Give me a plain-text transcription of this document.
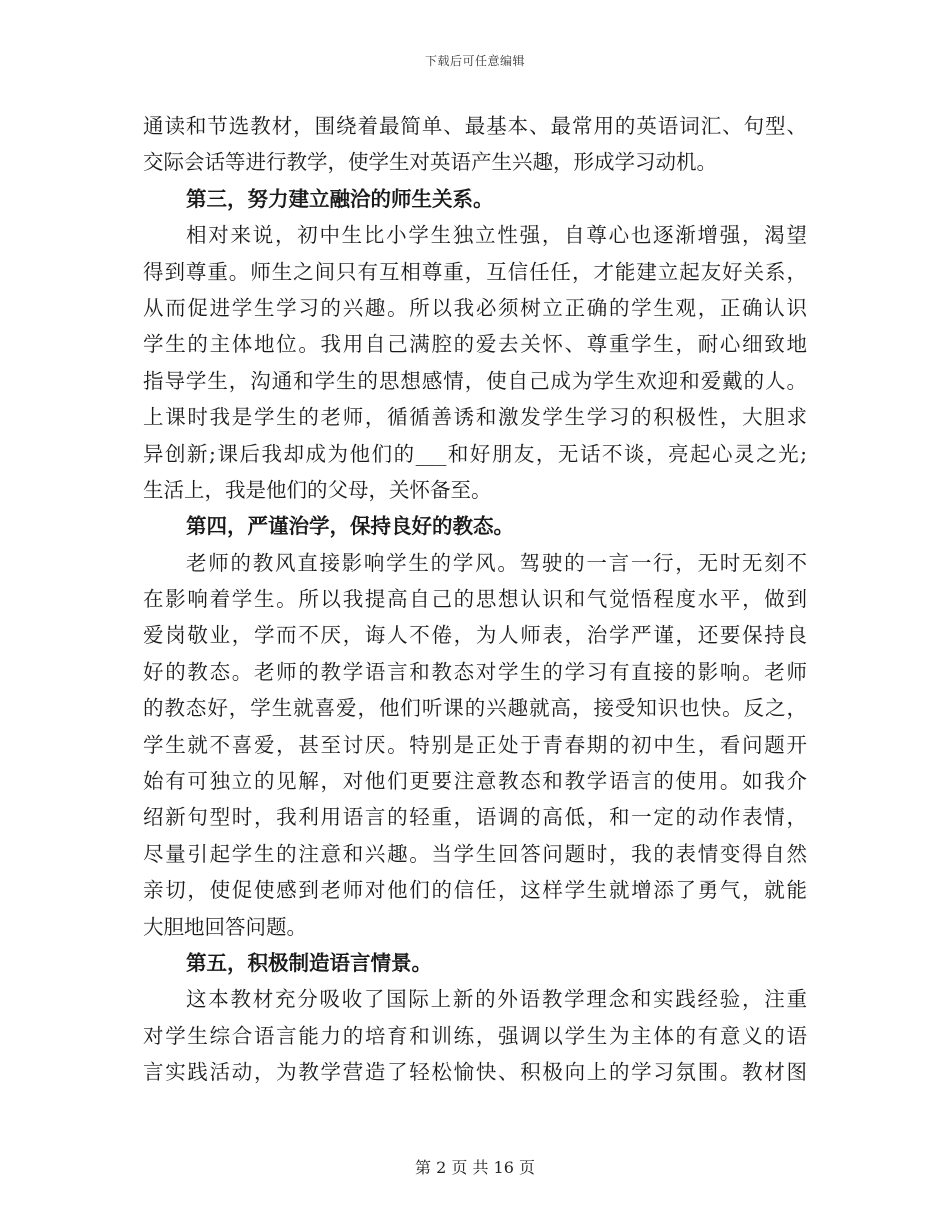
下载后可任意编辑
通读和节选教材，围绕着最简单、最基本、最常用的英语词汇、句型、
交际会话等进行教学，使学生对英语产生兴趣，形成学习动机。
第三，努力建立融洽的师生关系。
相对来说，初中生比小学生独立性强，自尊心也逐渐增强，渴望
得到尊重。师生之间只有互相尊重，互信任任，才能建立起友好关系，
从而促进学生学习的兴趣。所以我必须树立正确的学生观，正确认识
学生的主体地位。我用自己满腔的爱去关怀、尊重学生，耐心细致地
指导学生，沟通和学生的思想感情，使自己成为学生欢迎和爱戴的人。
上课时我是学生的老师，循循善诱和激发学生学习的积极性，大胆求
异创新;课后我却成为他们的___和好朋友，无话不谈，亮起心灵之光;
生活上，我是他们的父母，关怀备至。
第四，严谨治学，保持良好的教态。
老师的教风直接影响学生的学风。驾驶的一言一行，无时无刻不
在影响着学生。所以我提高自己的思想认识和气觉悟程度水平，做到
爱岗敬业，学而不厌，诲人不倦，为人师表，治学严谨，还要保持良
好的教态。老师的教学语言和教态对学生的学习有直接的影响。老师
的教态好，学生就喜爱，他们听课的兴趣就高，接受知识也快。反之，
学生就不喜爱，甚至讨厌。特别是正处于青春期的初中生，看问题开
始有可独立的见解，对他们更要注意教态和教学语言的使用。如我介
绍新句型时，我利用语言的轻重，语调的高低，和一定的动作表情，
尽量引起学生的注意和兴趣。当学生回答问题时，我的表情变得自然
亲切，使促使感到老师对他们的信任，这样学生就增添了勇气，就能
大胆地回答问题。
第五，积极制造语言情景。
这本教材充分吸收了国际上新的外语教学理念和实践经验，注重
对学生综合语言能力的培育和训练，强调以学生为主体的有意义的语
言实践活动，为教学营造了轻松愉快、积极向上的学习氛围。教材图
第 2 页 共 16 页
